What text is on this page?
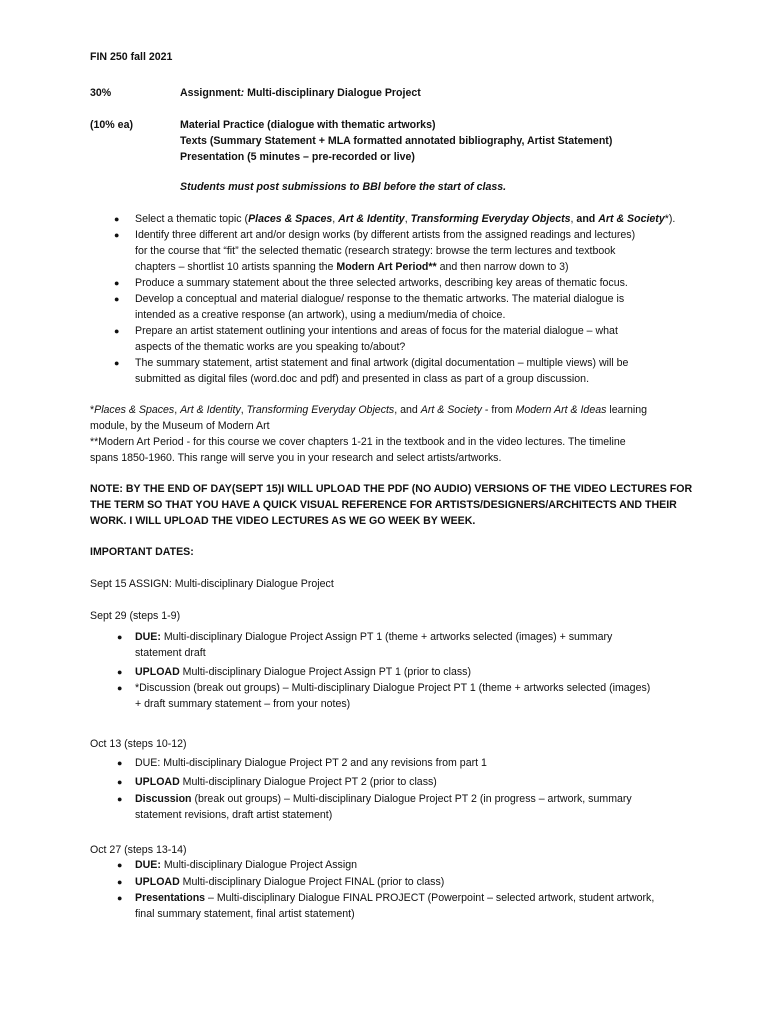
FIN 250 fall 2021
30%	Assignment: Multi-disciplinary Dialogue Project
(10% ea)	Material Practice (dialogue with thematic artworks)
Texts (Summary Statement + MLA formatted annotated bibliography, Artist Statement)
Presentation (5 minutes – pre-recorded or live)
Students must post submissions to BBl before the start of class.
● Select a thematic topic (Places & Spaces, Art & Identity, Transforming Everyday Objects, and Art & Society*).
● Identify three different art and/or design works (by different artists from the assigned readings and lectures)
for the course that “fit” the selected thematic (research strategy: browse the term lectures and textbook
chapters – shortlist 10 artists spanning the Modern Art Period** and then narrow down to 3)
● Produce a summary statement about the three selected artworks, describing key areas of thematic focus.
● Develop a conceptual and material dialogue/ response to the thematic artworks. The material dialogue is
intended as a creative response (an artwork), using a medium/media of choice.
● Prepare an artist statement outlining your intentions and areas of focus for the material dialogue – what
aspects of the thematic works are you speaking to/about?
● The summary statement, artist statement and final artwork (digital documentation – multiple views) will be
submitted as digital files (word.doc and pdf) and presented in class as part of a group discussion.
*Places & Spaces, Art & Identity, Transforming Everyday Objects, and Art & Society - from Modern Art & Ideas learning
module, by the Museum of Modern Art
**Modern Art Period - for this course we cover chapters 1-21 in the textbook and in the video lectures. The timeline
spans 1850-1960. This range will serve you in your research and select artists/artworks.
NOTE: BY THE END OF DAY(SEPT 15)I WILL UPLOAD THE PDF (NO AUDIO) VERSIONS OF THE VIDEO LECTURES FOR
THE TERM SO THAT YOU HAVE A QUICK VISUAL REFERENCE FOR ARTISTS/DESIGNERS/ARCHITECTS AND THEIR
WORK. I WILL UPLOAD THE VIDEO LECTURES AS WE GO WEEK BY WEEK.
IMPORTANT DATES:
Sept 15 ASSIGN: Multi-disciplinary Dialogue Project
Sept 29 (steps 1-9)
● DUE: Multi-disciplinary Dialogue Project Assign PT 1 (theme + artworks selected (images) + summary
statement draft
● UPLOAD Multi-disciplinary Dialogue Project Assign PT 1 (prior to class)
● *Discussion (break out groups) – Multi-disciplinary Dialogue Project PT 1 (theme + artworks selected (images)
+ draft summary statement – from your notes)
Oct 13 (steps 10-12)
● DUE: Multi-disciplinary Dialogue Project PT 2 and any revisions from part 1
● UPLOAD Multi-disciplinary Dialogue Project PT 2 (prior to class)
● Discussion (break out groups) – Multi-disciplinary Dialogue Project PT 2 (in progress – artwork, summary
statement revisions, draft artist statement)
Oct 27 (steps 13-14)
● DUE: Multi-disciplinary Dialogue Project Assign
● UPLOAD Multi-disciplinary Dialogue Project FINAL (prior to class)
● Presentations – Multi-disciplinary Dialogue FINAL PROJECT (Powerpoint – selected artwork, student artwork,
final summary statement, final artist statement)
